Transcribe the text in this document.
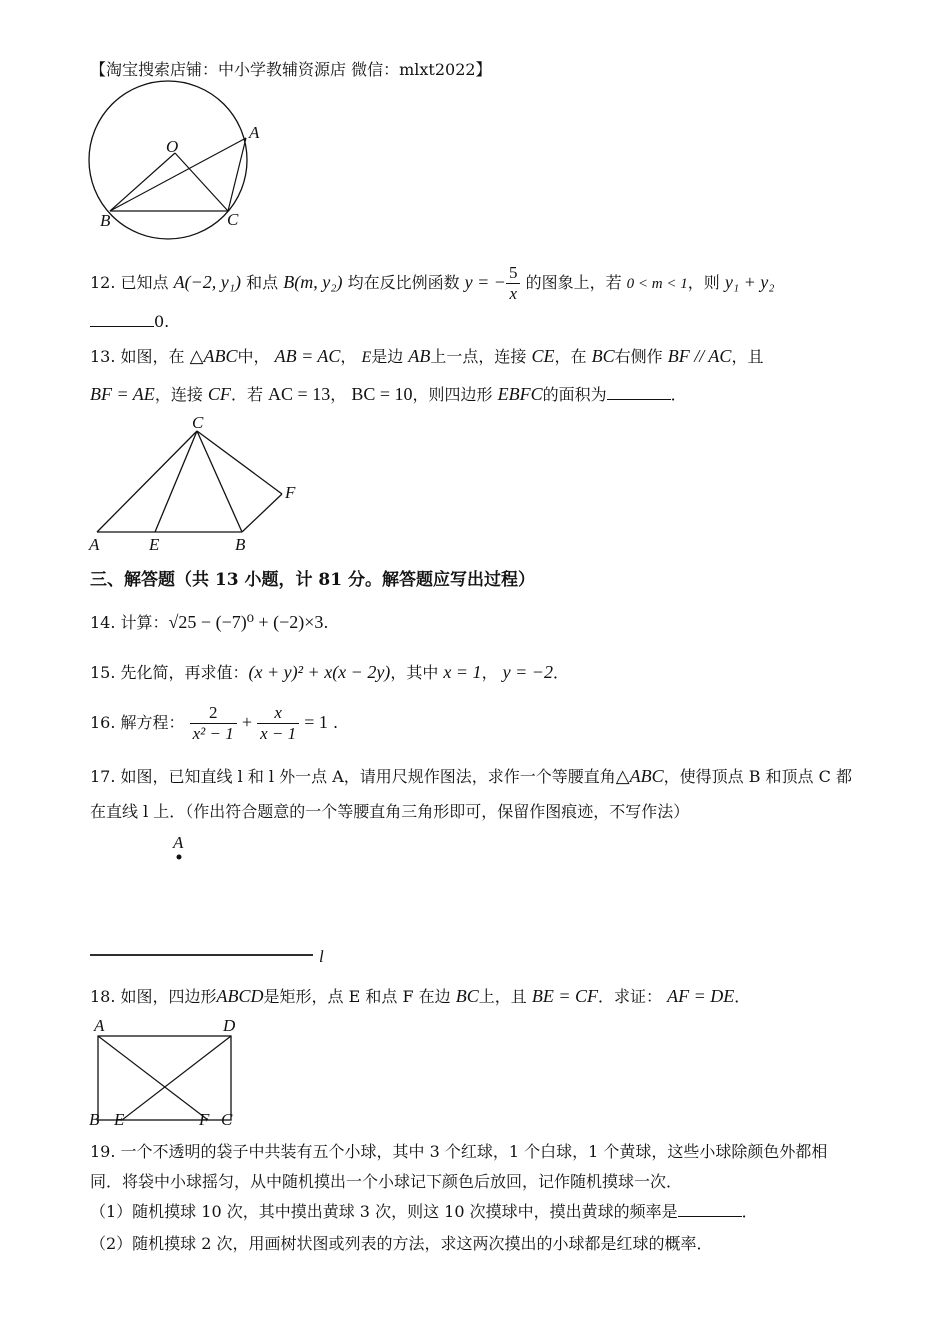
【淘宝搜索店铺：中小学教辅资源店 微信：mlxt2022】
O
A
B	C
12. 已知点 A(−2, y₁) 和点 B(m, y₂) 均在反比例函数 y = − $\frac{5}{x}$ 的图象上，若 0 < m < 1，则 y₁ + y₂
0.
13. 如图，在 △ABC中， AB = AC， E是边 AB上一点，连接 CE，在 BC右侧作 BF // AC，且
BF = AE，连接 CF．若 AC = 13， BC = 10，则四边形 EBFC的面积为	．
A	E	B
C
F
三、解答题（共 13 小题，计 81 分。解答题应写出过程）
14. 计算：√25 − (−7)⁰ + (−2)×3.
15. 先化简，再求值：(x + y)² + x(x − 2y)，其中 x = 1， y = −2．
16. 解方程： $\frac{2}{\text{x² − 1}} + \frac{x}{x - 1} = 1$ .
17. 如图，已知直线 l 和 l 外一点 A，请用尺规作图法，求作一个等腰直角△ABC，使得顶点 B 和顶点 C 都
在直线 l 上．（作出符合题意的一个等腰直角三角形即可，保留作图痕迹，不写作法）
A
l
18. 如图，四边形ABCD是矩形，点 E 和点 F 在边 BC上，且 BE = CF．求证： AF = DE．
A	D
B E	F C
19. 一个不透明的袋子中共装有五个小球，其中 3 个红球，1 个白球，1 个黄球，这些小球除颜色外都相
同．将袋中小球摇匀，从中随机摸出一个小球记下颜色后放回，记作随机摸球一次．
（1）随机摸球 10 次，其中摸出黄球 3 次，则这 10 次摸球中，摸出黄球的频率是	．
（2）随机摸球 2 次，用画树状图或列表的方法，求这两次摸出的小球都是红球的概率．
